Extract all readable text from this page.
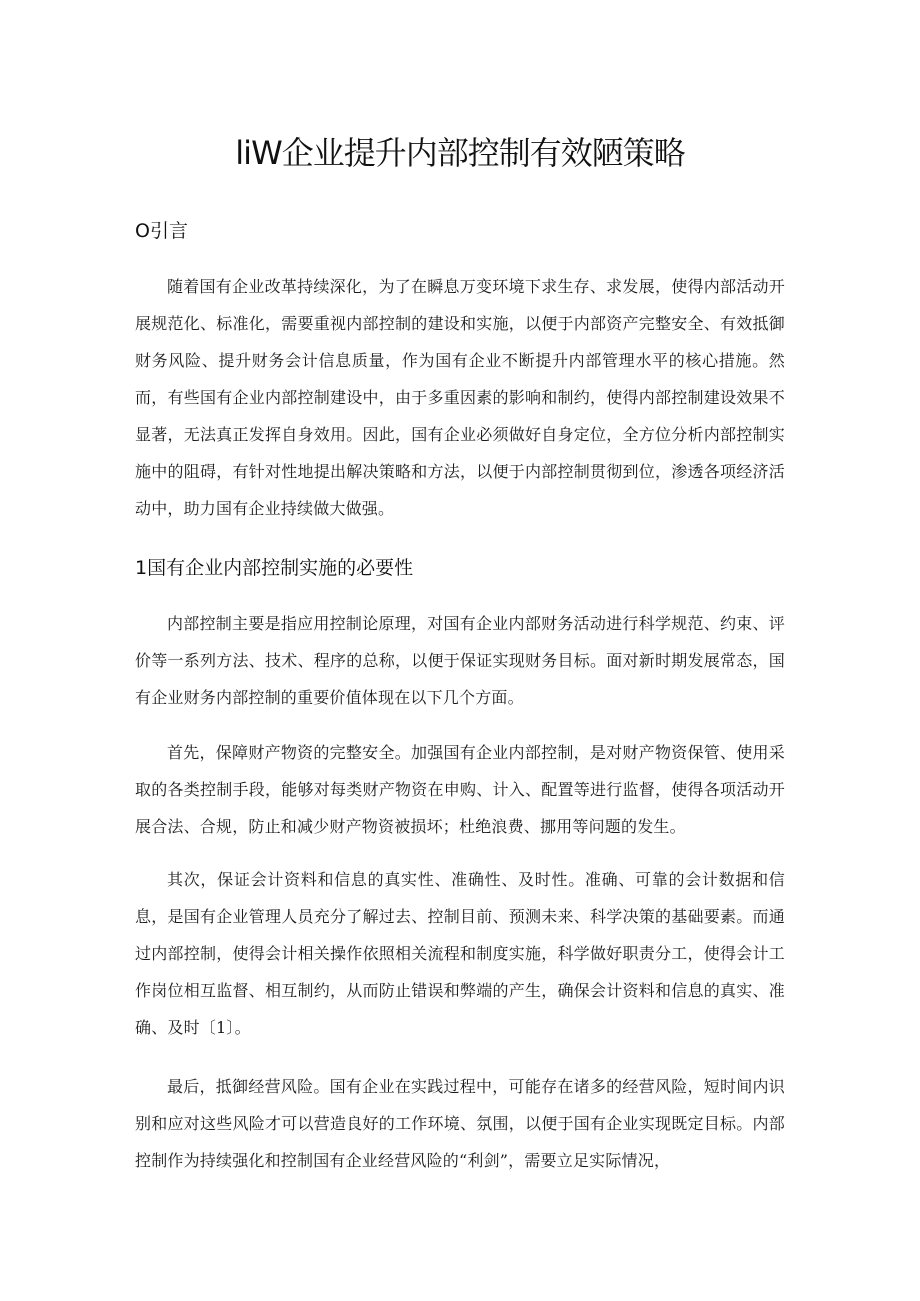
liW企业提升内部控制有效陋策略
O引言

随着国有企业改革持续深化，为了在瞬息万变环境下求生存、求发展，使得内部活动开展规范化、标准化，需要重视内部控制的建设和实施，以便于内部资产完整安全、有效抵御财务风险、提升财务会计信息质量，作为国有企业不断提升内部管理水平的核心措施。然而，有些国有企业内部控制建设中，由于多重因素的影响和制约，使得内部控制建设效果不显著，无法真正发挥自身效用。因此，国有企业必须做好自身定位，全方位分析内部控制实施中的阻碍，有针对性地提出解决策略和方法，以便于内部控制贯彻到位，渗透各项经济活动中，助力国有企业持续做大做强。

1国有企业内部控制实施的必要性

内部控制主要是指应用控制论原理，对国有企业内部财务活动进行科学规范、约束、评价等一系列方法、技术、程序的总称，以便于保证实现财务目标。面对新时期发展常态，国有企业财务内部控制的重要价值体现在以下几个方面。

首先，保障财产物资的完整安全。加强国有企业内部控制，是对财产物资保管、使用采取的各类控制手段，能够对每类财产物资在申购、计入、配置等进行监督，使得各项活动开展合法、合规，防止和减少财产物资被损坏；杜绝浪费、挪用等问题的发生。

其次，保证会计资料和信息的真实性、准确性、及时性。准确、可靠的会计数据和信息，是国有企业管理人员充分了解过去、控制目前、预测未来、科学决策的基础要素。而通过内部控制，使得会计相关操作依照相关流程和制度实施，科学做好职责分工，使得会计工作岗位相互监督、相互制约，从而防止错误和弊端的产生，确保会计资料和信息的真实、准确、及时〔1〕。

最后，抵御经营风险。国有企业在实践过程中，可能存在诸多的经营风险，短时间内识别和应对这些风险才可以营造良好的工作环境、氛围，以便于国有企业实现既定目标。内部控制作为持续强化和控制国有企业经营风险的“利剑”，需要立足实际情况，
